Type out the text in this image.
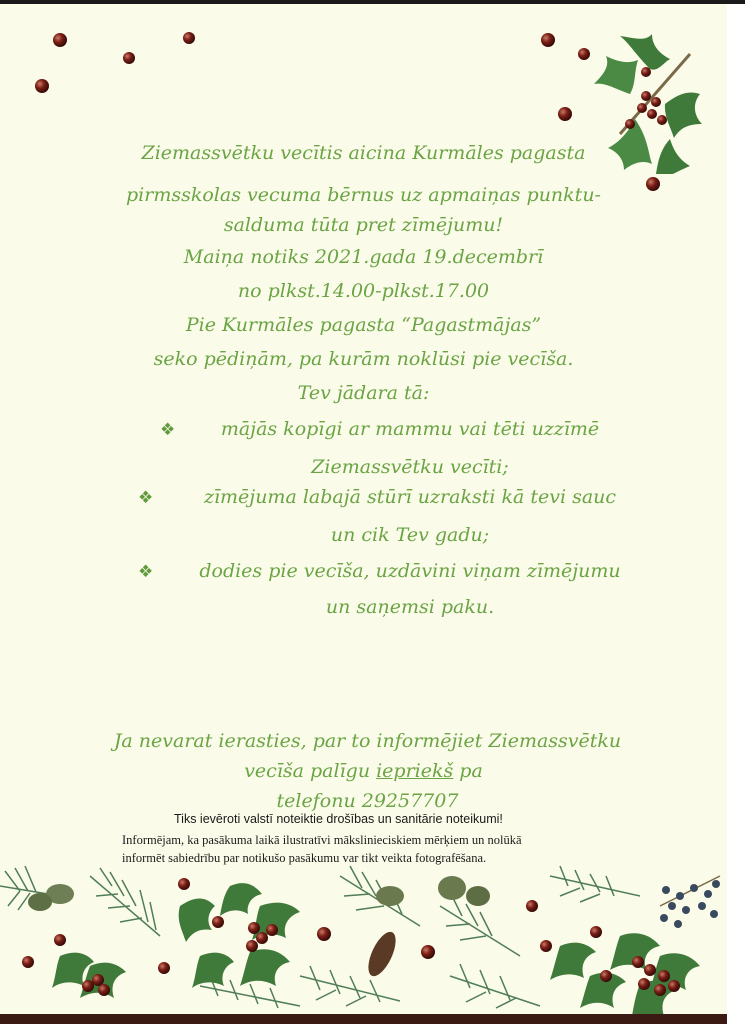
Ziemassvētku vecītis aicina Kurmāles pagasta
pirmsskolas vecuma bērnus uz apmaiņas punktu-
salduma tūta pret zīmējumu!
Maiņa notiks 2021.gada 19.decembrī
no plkst.14.00-plkst.17.00
Pie Kurmāles pagasta “Pagastmājas”
seko pēdiņām, pa kurām noklūsi pie vecīša.
Tev jādara tā:
❖	mājās kopīgi ar mammu vai tēti uzzīmē
Ziemassvētku vecīti;
❖	zīmējuma labajā stūrī uzraksti kā tevi sauc
un cik Tev gadu;
❖	dodies pie vecīša, uzdāvini viņam zīmējumu
un saņemsi paku.
Ja nevarat ierasties, par to informējiet Ziemassvētku
vecīša palīgu iepriekš pa
telefonu 29257707
Tiks ievēroti valstī noteiktie drošības un sanitārie noteikumi!
Informējam, ka pasākuma laikā ilustratīvi mākslinieciskiem mērķiem un nolūkā
informēt sabiedrību par notikušo pasākumu var tikt veikta fotografēšana.
